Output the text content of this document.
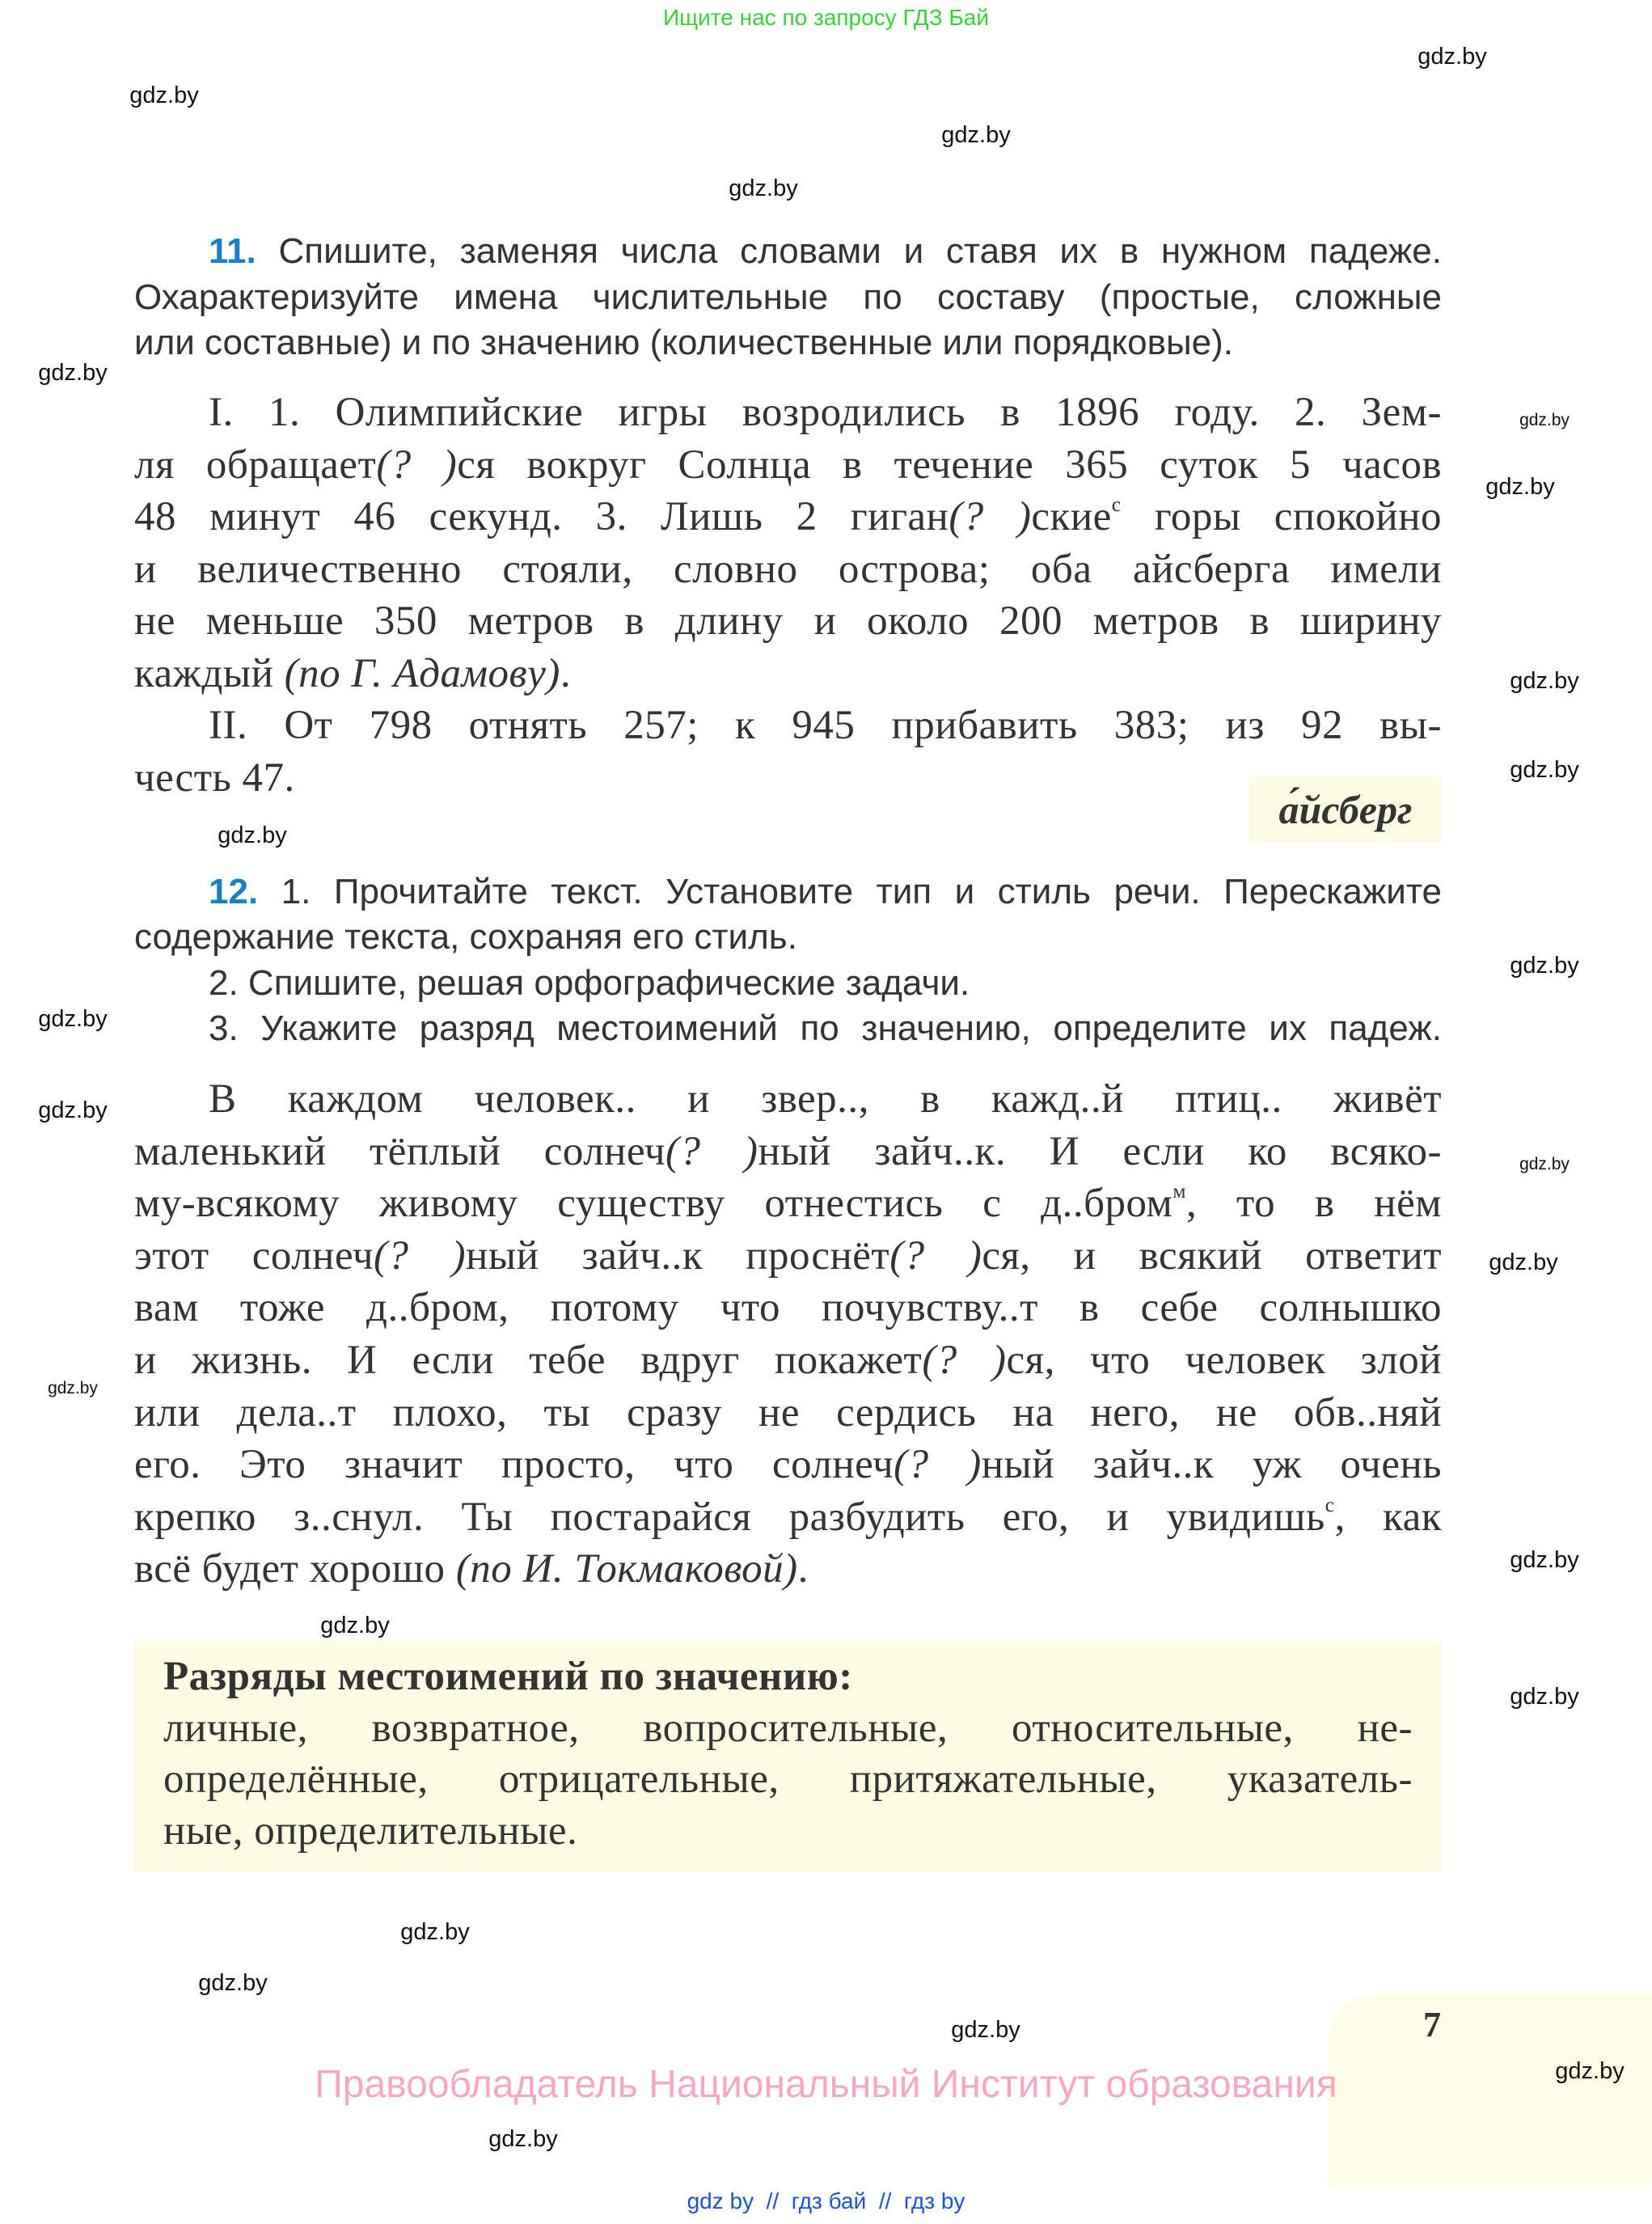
Ищите нас по запросу ГДЗ Бай
11. Спишите, заменяя числа словами и ставя их в нужном падеже.
Охарактеризуйте имена числительные по составу (простые, сложные
или составные) и по значению (количественные или порядковые).
I. 1. Олимпийские игры возродились в 1896 году. 2. Зем-
ля обращает(? )ся вокруг Солнца в течение 365 суток 5 часов
48 минут 46 секунд. 3. Лишь 2 гиган(? )ские$^с$ горы спокойно
и величественно стояли, словно острова; оба айсберга имели
не меньше 350 метров в длину и около 200 метров в ширину
каждый (по Г. Адамову).
II. От 798 отнять 257; к 945 прибавить 383; из 92 вы-
честь 47.
а́йсберг
12. 1. Прочитайте текст. Установите тип и стиль речи. Перескажите
содержание текста, сохраняя его стиль.
2. Спишите, решая орфографические задачи.
3. Укажите разряд местоимений по значению, определите их падеж.
В каждом человек.. и звер.., в кажд..й птиц.. живёт
маленький тёплый солнеч(? )ный зайч..к. И если ко всяко-
му-всякому живому существу отнестись с д..бром$^м$, то в нём
этот солнеч(? )ный зайч..к проснёт(? )ся, и всякий ответит
вам тоже д..бром, потому что почувству..т в себе солнышко
и жизнь. И если тебе вдруг покажет(? )ся, что человек злой
или дела..т плохо, ты сразу не сердись на него, не обв..няй
его. Это значит просто, что солнеч(? )ный зайч..к уж очень
крепко з..снул. Ты постарайся разбудить его, и увидишь$^с$, как
всё будет хорошо (по И. Токмаковой).
Разряды местоимений по значению:
личные, возвратное, вопросительные, относительные, не-
определённые, отрицательные, притяжательные, указатель-
ные, определительные.
7
Правообладатель Национальный Институт образования
gdz by  //  гдз бай  //  гдз by
gdz.by
gdz.by
gdz.by
gdz.by
gdz.by
gdz.by
gdz.by
gdz.by
gdz.by
gdz.by
gdz.by
gdz.by
gdz.by
gdz.by
gdz.by
gdz.by
gdz.by
gdz.by
gdz.by
gdz.by
gdz.by
gdz.by
gdz.by
gdz.by
